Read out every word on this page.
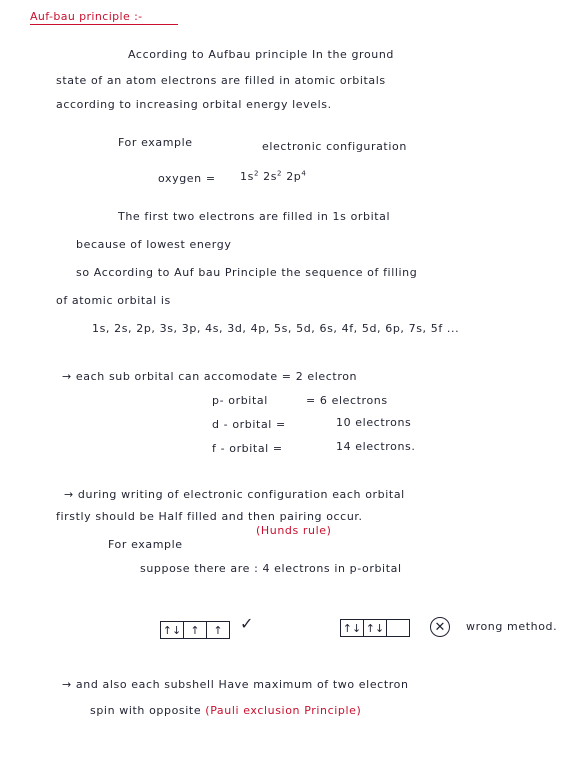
Auf-bau principle :-
According to Aufbau principle In the ground
state of an atom electrons are filled in atomic orbitals
according to increasing orbital energy levels.
For example	electronic configuration
oxygen = $1s^2$ $2s^2$ $2p^4$
The first two electrons are filled in 1s orbital
because of lowest energy
so According to Auf bau Principle the sequence of filling
of atomic orbital is
1s, 2s, 2p, 3s, 3p, 4s, 3d, 4p, 5s, 5d, 6s, 4f, 5d, 6p, 7s, 5f ...
→ each sub orbital can accomodate = 2 electron
p- orbital	= 6 electrons
d - orbital =	10 electrons
f - orbital =	14 electrons.
→ during writing of electronic configuration each orbital
firstly should be Half filled and then pairing occur.
(Hunds rule)
For example
suppose there are : 4 electrons in p-orbital
↑↓ ↑	↑	✓	↑↓ ↑↓	✕ wrong method.
→ and also each subshell Have maximum of two electron
spin with opposite (Pauli exclusion Principle)
